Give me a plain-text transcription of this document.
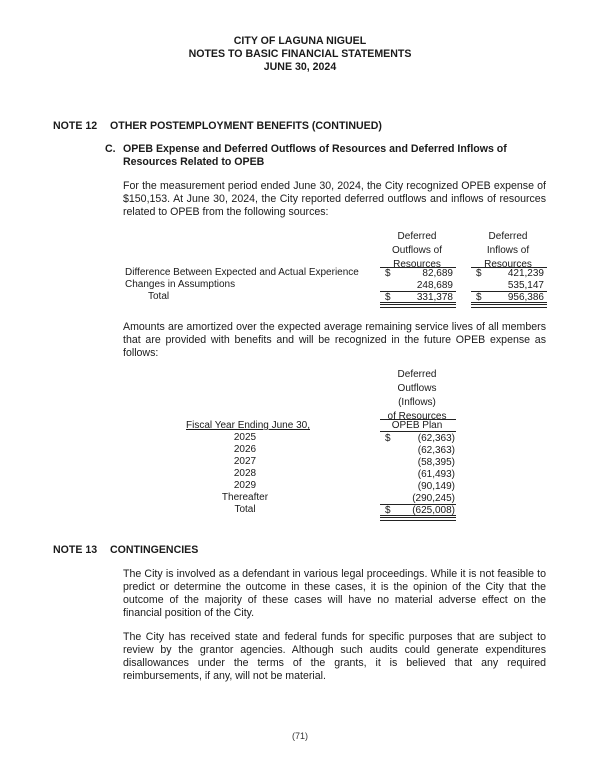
CITY OF LAGUNA NIGUEL
NOTES TO BASIC FINANCIAL STATEMENTS
JUNE 30, 2024
NOTE 12 OTHER POSTEMPLOYMENT BENEFITS (CONTINUED)
C. OPEB Expense and Deferred Outflows of Resources and Deferred Inflows of
Resources Related to OPEB
For the measurement period ended June 30, 2024, the City recognized OPEB expense of $150,153. At June 30, 2024, the City reported deferred outflows and inflows of resources related to OPEB from the following sources:
Deferred
Outflows of
Resources
Deferred
Inflows of
Resources
Difference Between Expected and Actual Experience	$	82,689 $	421,239
Changes in Assumptions	248,689	535,147
Total	$	331,378 $	956,386
Amounts are amortized over the expected average remaining service lives of all members that are provided with benefits and will be recognized in the future OPEB expense as follows:
Deferred
Outflows
(Inflows)
of Resources
OPEB Plan
Fiscal Year Ending June 30,
2025	$	(62,363)
2026	(62,363)
2027	(58,395)
2028	(61,493)
2029	(90,149)
Thereafter	(290,245)
Total	$	(625,008)
NOTE 13 CONTINGENCIES
The City is involved as a defendant in various legal proceedings. While it is not feasible to predict or determine the outcome in these cases, it is the opinion of the City that the outcome of the majority of these cases will have no material adverse effect on the financial position of the City.
The City has received state and federal funds for specific purposes that are subject to review by the grantor agencies. Although such audits could generate expenditures disallowances under the terms of the grants, it is believed that any required reimbursements, if any, will not be material.
(71)
